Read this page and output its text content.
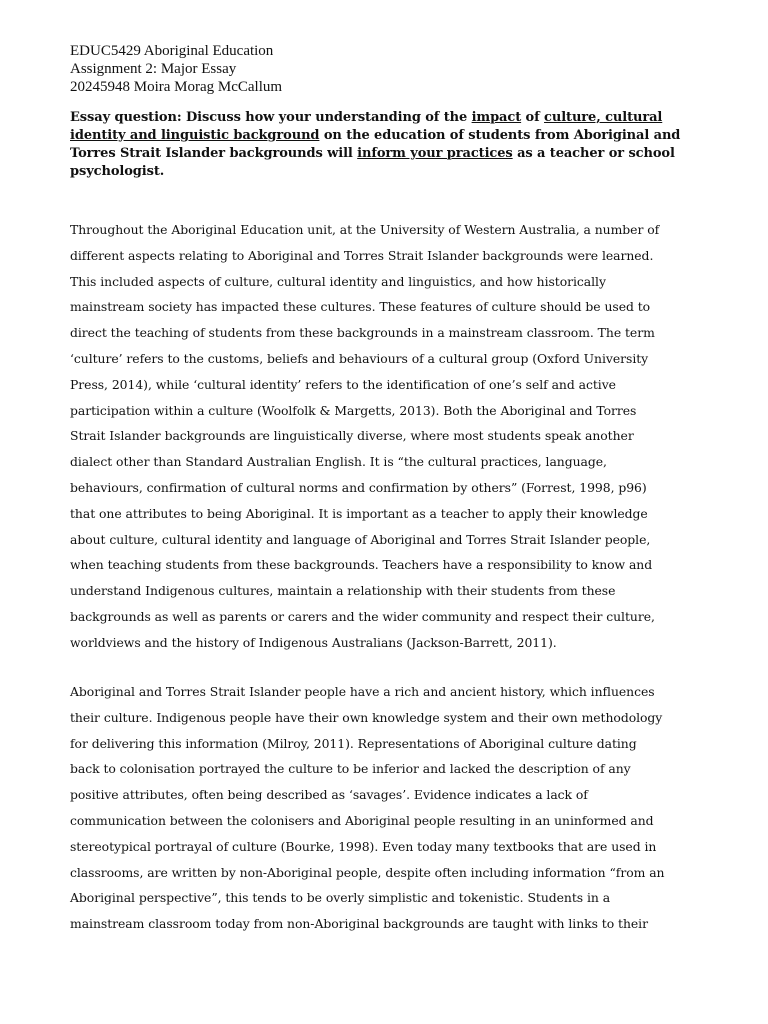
EDUC5429 Aboriginal Education
Assignment 2: Major Essay
20245948 Moira Morag McCallum
Essay question: Discuss how your understanding of the impact of culture, cultural identity and linguistic background on the education of students from Aboriginal and Torres Strait Islander backgrounds will inform your practices as a teacher or school psychologist.
Throughout the Aboriginal Education unit, at the University of Western Australia, a number of
different aspects relating to Aboriginal and Torres Strait Islander backgrounds were learned.
This included aspects of culture, cultural identity and linguistics, and how historically
mainstream society has impacted these cultures. These features of culture should be used to
direct the teaching of students from these backgrounds in a mainstream classroom. The term
‘culture’ refers to the customs, beliefs and behaviours of a cultural group (Oxford University
Press, 2014), while ‘cultural identity’ refers to the identification of one’s self and active
participation within a culture (Woolfolk & Margetts, 2013). Both the Aboriginal and Torres
Strait Islander backgrounds are linguistically diverse, where most students speak another
dialect other than Standard Australian English. It is “the cultural practices, language,
behaviours, confirmation of cultural norms and confirmation by others” (Forrest, 1998, p96)
that one attributes to being Aboriginal. It is important as a teacher to apply their knowledge
about culture, cultural identity and language of Aboriginal and Torres Strait Islander people,
when teaching students from these backgrounds. Teachers have a responsibility to know and
understand Indigenous cultures, maintain a relationship with their students from these
backgrounds as well as parents or carers and the wider community and respect their culture,
worldviews and the history of Indigenous Australians (Jackson-Barrett, 2011).
Aboriginal and Torres Strait Islander people have a rich and ancient history, which influences
their culture. Indigenous people have their own knowledge system and their own methodology
for delivering this information (Milroy, 2011). Representations of Aboriginal culture dating
back to colonisation portrayed the culture to be inferior and lacked the description of any
positive attributes, often being described as ‘savages’. Evidence indicates a lack of
communication between the colonisers and Aboriginal people resulting in an uninformed and
stereotypical portrayal of culture (Bourke, 1998). Even today many textbooks that are used in
classrooms, are written by non-Aboriginal people, despite often including information “from an
Aboriginal perspective”, this tends to be overly simplistic and tokenistic. Students in a
mainstream classroom today from non-Aboriginal backgrounds are taught with links to their
